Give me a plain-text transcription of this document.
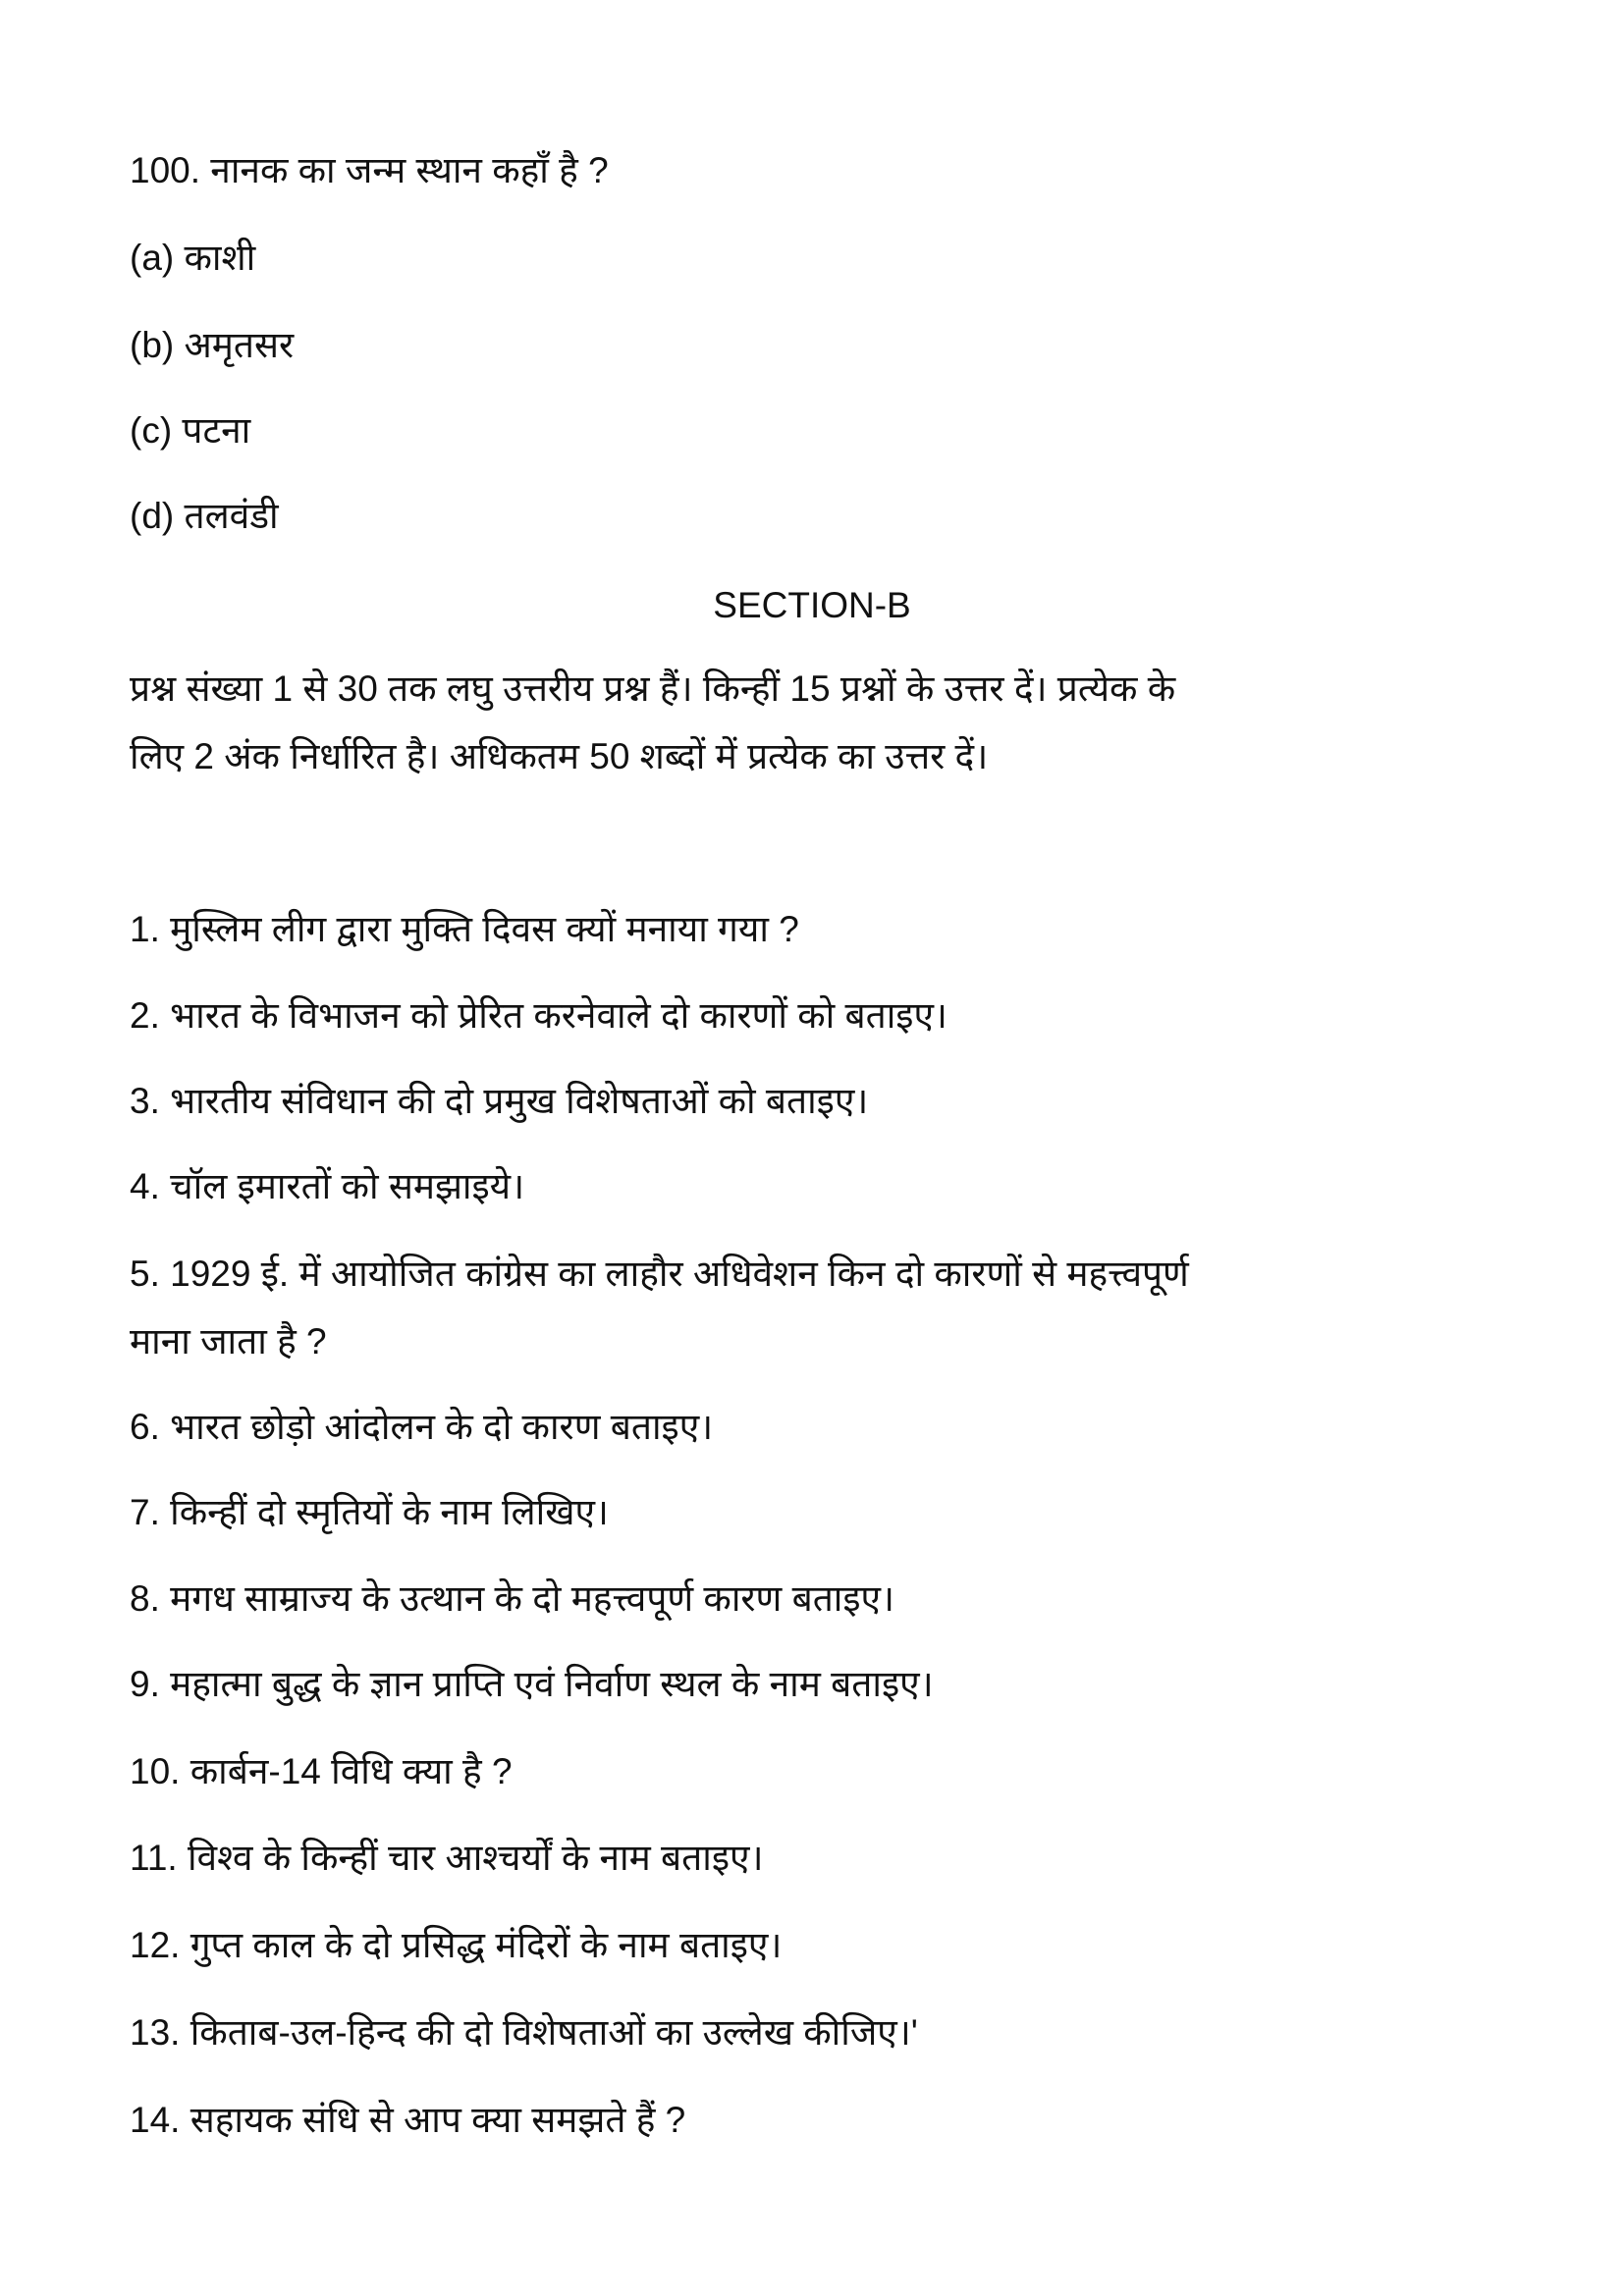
100. नानक का जन्म स्थान कहाँ है ?
(a) काशी
(b) अमृतसर
(c) पटना
(d) तलवंडी
SECTION-B
प्रश्न संख्या 1 से 30 तक लघु उत्तरीय प्रश्न हैं। किन्हीं 15 प्रश्नों के उत्तर दें। प्रत्येक के
लिए 2 अंक निर्धारित है। अधिकतम 50 शब्दों में प्रत्येक का उत्तर दें।
1. मुस्लिम लीग द्वारा मुक्ति दिवस क्यों मनाया गया ?
2. भारत के विभाजन को प्रेरित करनेवाले दो कारणों को बताइए।
3. भारतीय संविधान की दो प्रमुख विशेषताओं को बताइए।
4. चॉल इमारतों को समझाइये।
5. 1929 ई. में आयोजित कांग्रेस का लाहौर अधिवेशन किन दो कारणों से महत्त्वपूर्ण
माना जाता है ?
6. भारत छोड़ो आंदोलन के दो कारण बताइए।
7. किन्हीं दो स्मृतियों के नाम लिखिए।
8. मगध साम्राज्य के उत्थान के दो महत्त्वपूर्ण कारण बताइए।
9. महात्मा बुद्ध के ज्ञान प्राप्ति एवं निर्वाण स्थल के नाम बताइए।
10. कार्बन-14 विधि क्या है ?
11. विश्व के किन्हीं चार आश्चर्यों के नाम बताइए।
12. गुप्त काल के दो प्रसिद्ध मंदिरों के नाम बताइए।
13. किताब-उल-हिन्द की दो विशेषताओं का उल्लेख कीजिए।'
14. सहायक संधि से आप क्या समझते हैं ?
